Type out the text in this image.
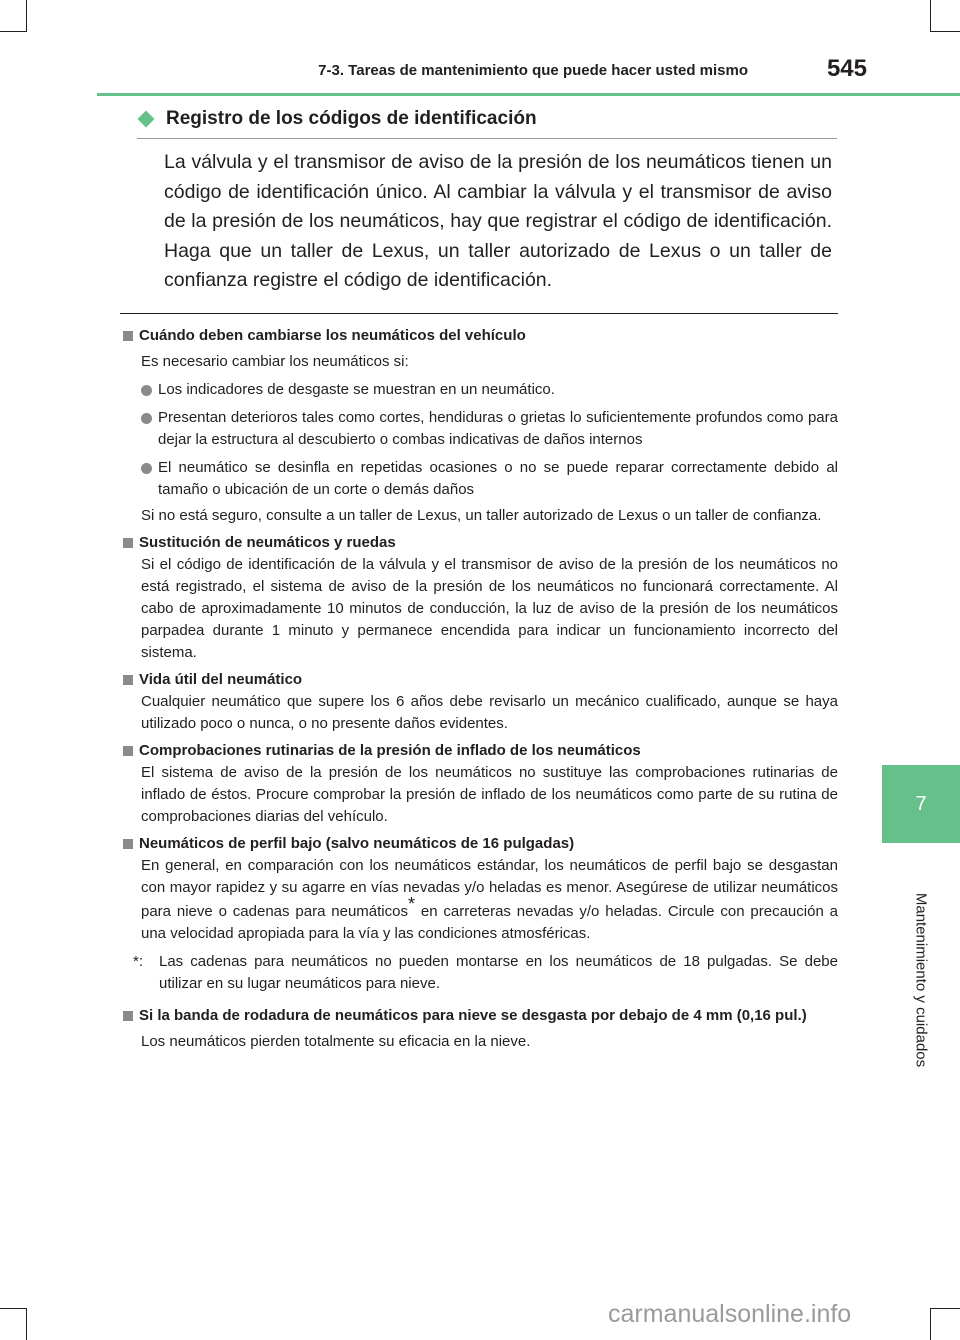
7-3. Tareas de mantenimiento que puede hacer usted mismo	545
7
Mantenimiento y cuidados
Registro de los códigos de identificación
La válvula y el transmisor de aviso de la presión de los neumáticos tienen un código de identificación único. Al cambiar la válvula y el transmisor de aviso de la presión de los neumáticos, hay que registrar el código de identificación. Haga que un taller de Lexus, un taller autorizado de Lexus o un taller de confianza registre el código de identificación.
Cuándo deben cambiarse los neumáticos del vehículo
Es necesario cambiar los neumáticos si:
Los indicadores de desgaste se muestran en un neumático.
Presentan deterioros tales como cortes, hendiduras o grietas lo suficientemente profundos como para dejar la estructura al descubierto o combas indicativas de daños internos
El neumático se desinfla en repetidas ocasiones o no se puede reparar correctamente debido al tamaño o ubicación de un corte o demás daños
Si no está seguro, consulte a un taller de Lexus, un taller autorizado de Lexus o un taller de confianza.
Sustitución de neumáticos y ruedas
Si el código de identificación de la válvula y el transmisor de aviso de la presión de los neumáticos no está registrado, el sistema de aviso de la presión de los neumáticos no funcionará correctamente. Al cabo de aproximadamente 10 minutos de conducción, la luz de aviso de la presión de los neumáticos parpadea durante 1 minuto y permanece encendida para indicar un funcionamiento incorrecto del sistema.
Vida útil del neumático
Cualquier neumático que supere los 6 años debe revisarlo un mecánico cualificado, aunque se haya utilizado poco o nunca, o no presente daños evidentes.
Comprobaciones rutinarias de la presión de inflado de los neumáticos
El sistema de aviso de la presión de los neumáticos no sustituye las comprobaciones rutinarias de inflado de éstos. Procure comprobar la presión de inflado de los neumáticos como parte de su rutina de comprobaciones diarias del vehículo.
Neumáticos de perfil bajo (salvo neumáticos de 16 pulgadas)
En general, en comparación con los neumáticos estándar, los neumáticos de perfil bajo se desgastan con mayor rapidez y su agarre en vías nevadas y/o heladas es menor. Asegúrese de utilizar neumáticos para nieve o cadenas para neumáticos* en carreteras nevadas y/o heladas. Circule con precaución a una velocidad apropiada para la vía y las condiciones atmosféricas.
*:	Las cadenas para neumáticos no pueden montarse en los neumáticos de 18 pulgadas. Se debe utilizar en su lugar neumáticos para nieve.
Si la banda de rodadura de neumáticos para nieve se desgasta por debajo de 4 mm (0,16 pul.)
Los neumáticos pierden totalmente su eficacia en la nieve.
carmanualsonline.info
